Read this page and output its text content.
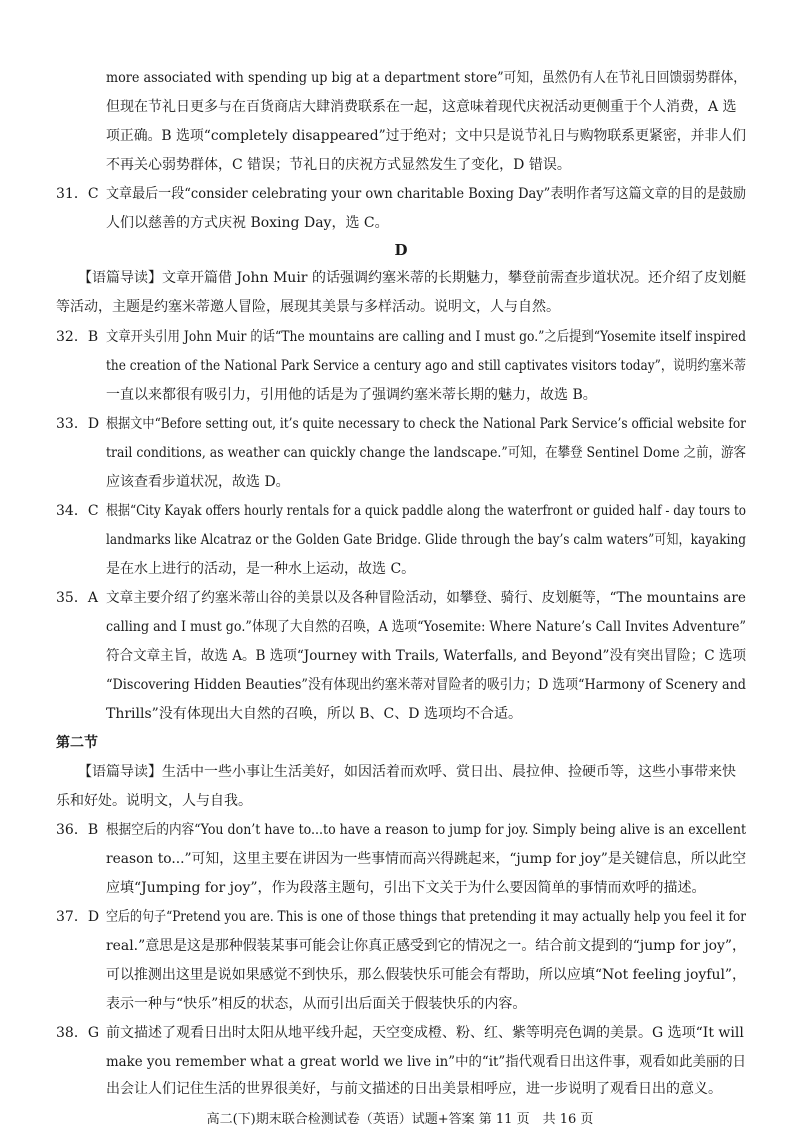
more associated with spending up big at a department store”可知，虽然仍有人在节礼日回馈弱势群体，
但现在节礼日更多与在百货商店大肆消费联系在一起，这意味着现代庆祝活动更侧重于个人消费，A 选
项正确。B 选项“completely disappeared”过于绝对；文中只是说节礼日与购物联系更紧密，并非人们
不再关心弱势群体，C 错误；节礼日的庆祝方式显然发生了变化，D 错误。
31．C 文章最后一段“consider celebrating your own charitable Boxing Day”表明作者写这篇文章的目的是鼓励
人们以慈善的方式庆祝 Boxing Day，选 C。
D
【语篇导读】文章开篇借 John Muir 的话强调约塞米蒂的长期魅力，攀登前需查步道状况。还介绍了皮划艇
等活动，主题是约塞米蒂邀人冒险，展现其美景与多样活动。说明文，人与自然。
32．B 文章开头引用 John Muir 的话“The mountains are calling and I must go.”之后提到“Yosemite itself inspired
the creation of the National Park Service a century ago and still captivates visitors today”，说明约塞米蒂
一直以来都很有吸引力，引用他的话是为了强调约塞米蒂长期的魅力，故选 B。
33．D 根据文中“Before setting out, it’s quite necessary to check the National Park Service’s official website for
trail conditions, as weather can quickly change the landscape.”可知，在攀登 Sentinel Dome 之前，游客
应该查看步道状况，故选 D。
34．C 根据“City Kayak offers hourly rentals for a quick paddle along the waterfront or guided half - day tours to
landmarks like Alcatraz or the Golden Gate Bridge. Glide through the bay’s calm waters”可知，kayaking
是在水上进行的活动，是一种水上运动，故选 C。
35．A 文章主要介绍了约塞米蒂山谷的美景以及各种冒险活动，如攀登、骑行、皮划艇等，“The mountains are
calling and I must go.”体现了大自然的召唤，A 选项“Yosemite: Where Nature’s Call Invites Adventure”
符合文章主旨，故选 A。B 选项“Journey with Trails, Waterfalls, and Beyond”没有突出冒险；C 选项
“Discovering Hidden Beauties”没有体现出约塞米蒂对冒险者的吸引力；D 选项“Harmony of Scenery and
Thrills”没有体现出大自然的召唤，所以 B、C、D 选项均不合适。
第二节
【语篇导读】生活中一些小事让生活美好，如因活着而欢呼、赏日出、晨拉伸、捡硬币等，这些小事带来快
乐和好处。说明文，人与自我。
36．B 根据空后的内容“You don’t have to...to have a reason to jump for joy. Simply being alive is an excellent
reason to...”可知，这里主要在讲因为一些事情而高兴得跳起来，“jump for joy”是关键信息，所以此空
应填“Jumping for joy”，作为段落主题句，引出下文关于为什么要因简单的事情而欢呼的描述。
37．D 空后的句子“Pretend you are. This is one of those things that pretending it may actually help you feel it for
real.”意思是这是那种假装某事可能会让你真正感受到它的情况之一。结合前文提到的“jump for joy”，
可以推测出这里是说如果感觉不到快乐，那么假装快乐可能会有帮助，所以应填“Not feeling joyful”，
表示一种与“快乐”相反的状态，从而引出后面关于假装快乐的内容。
38．G 前文描述了观看日出时太阳从地平线升起，天空变成橙、粉、红、紫等明亮色调的美景。G 选项“It will
make you remember what a great world we live in”中的“it”指代观看日出这件事，观看如此美丽的日
出会让人们记住生活的世界很美好，与前文描述的日出美景相呼应，进一步说明了观看日出的意义。
高二(下)期末联合检测试卷（英语）试题+答案 第 11 页　共 16 页
